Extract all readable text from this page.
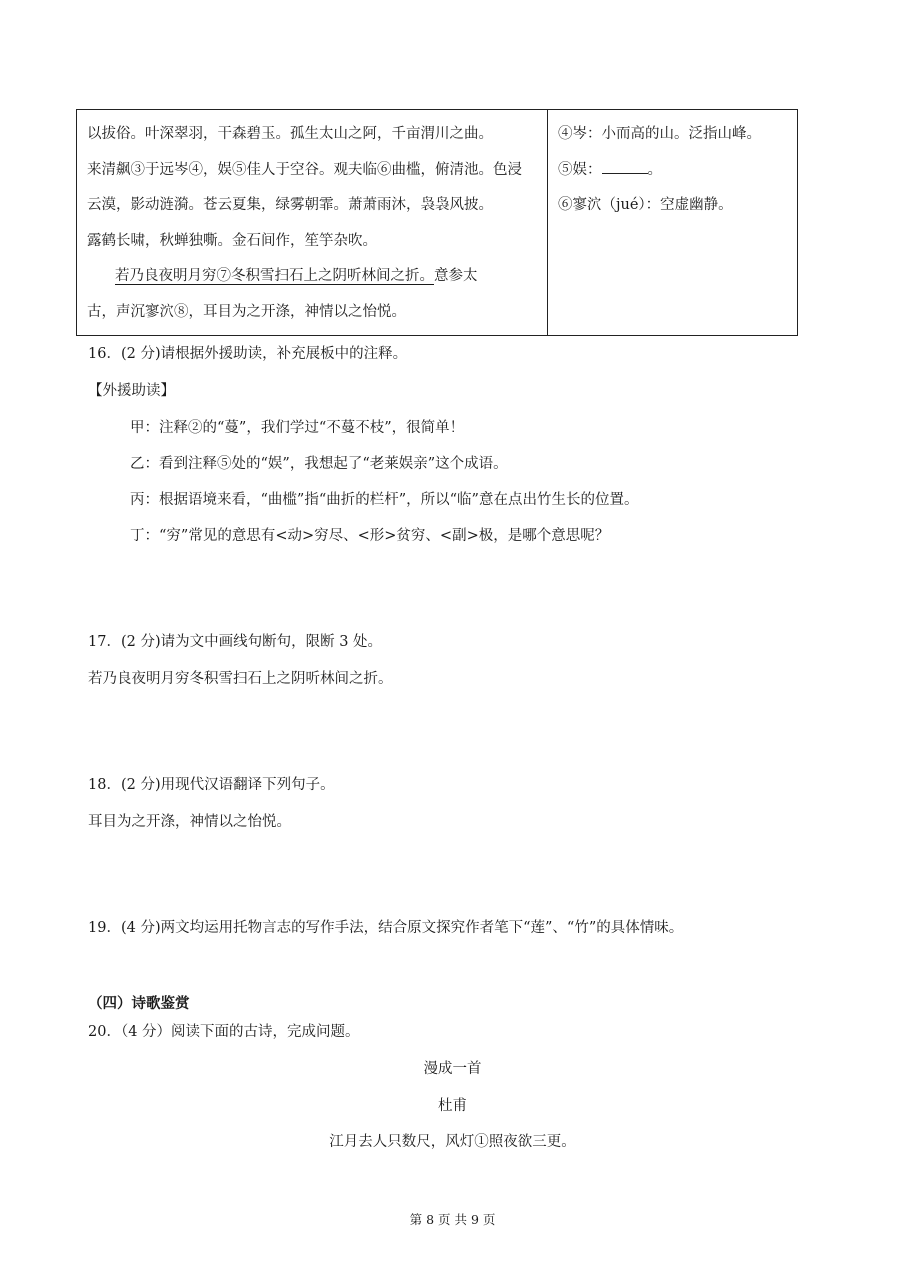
以拔俗。叶深翠羽，干森碧玉。孤生太山之阿，千亩渭川之曲。
来清飙③于远岑④，娱⑤佳人于空谷。观夫临⑥曲槛，俯清池。色浸
云漠，影动涟漪。苍云夏集，绿雾朝霏。萧萧雨沐，袅袅风披。
露鹤长啸，秋蝉独嘶。金石间作，笙竽杂吹。
若乃良夜明月穷⑦冬积雪扫石上之阴听林间之折。意参太
古，声沉寥泬⑧，耳目为之开涤，神情以之怡悦。
④岑：小而高的山。泛指山峰。
⑤娱：	。
⑥寥泬（jué）：空虚幽静。
16．(2 分)请根据外援助读，补充展板中的注释。
【外援助读】
甲：注释②的“蔓”，我们学过“不蔓不枝”，很简单！
乙：看到注释⑤处的“娱”，我想起了“老莱娱亲”这个成语。
丙：根据语境来看，“曲槛”指“曲折的栏杆”，所以“临”意在点出竹生长的位置。
丁：“穷”常见的意思有<动>穷尽、<形>贫穷、<副>极，是哪个意思呢？
17．(2 分)请为文中画线句断句，限断 3 处。
若乃良夜明月穷冬积雪扫石上之阴听林间之折。
18．(2 分)用现代汉语翻译下列句子。
耳目为之开涤，神情以之怡悦。
19．(4 分)两文均运用托物言志的写作手法，结合原文探究作者笔下“莲”、“竹”的具体情味。
（四）诗歌鉴赏
20．（4 分）阅读下面的古诗，完成问题。
漫成一首
杜甫
江月去人只数尺，风灯①照夜欲三更。
第 8 页 共 9 页
